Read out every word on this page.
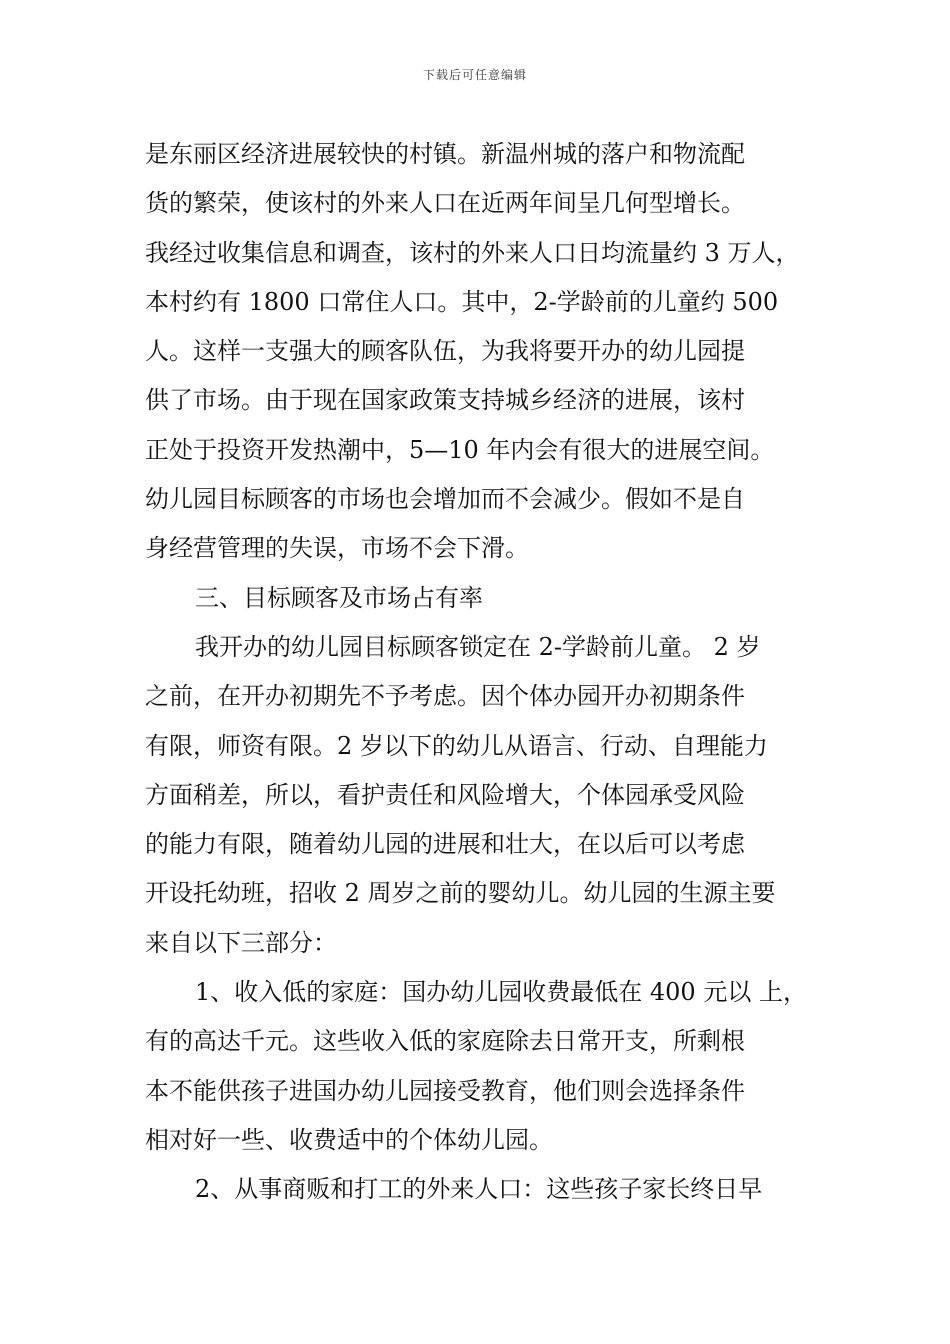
下载后可任意编辑
是东丽区经济进展较快的村镇。新温州城的落户和物流配
货的繁荣，使该村的外来人口在近两年间呈几何型增长。
我经过收集信息和调查，该村的外来人口日均流量约 3 万人，
本村约有 1800 口常住人口。其中，2-学龄前的儿童约 500
人。这样一支强大的顾客队伍，为我将要开办的幼儿园提
供了市场。由于现在国家政策支持城乡经济的进展，该村
正处于投资开发热潮中，5—10 年内会有很大的进展空间。
幼儿园目标顾客的市场也会增加而不会减少。假如不是自
身经营管理的失误，市场不会下滑。
三、目标顾客及市场占有率
我开办的幼儿园目标顾客锁定在 2-学龄前儿童。 2 岁
之前，在开办初期先不予考虑。因个体办园开办初期条件
有限，师资有限。2 岁以下的幼儿从语言、行动、自理能力
方面稍差，所以，看护责任和风险增大，个体园承受风险
的能力有限，随着幼儿园的进展和壮大，在以后可以考虑
开设托幼班，招收 2 周岁之前的婴幼儿。幼儿园的生源主要
来自以下三部分：
1、收入低的家庭：国办幼儿园收费最低在 400 元以 上，
有的高达千元。这些收入低的家庭除去日常开支，所剩根
本不能供孩子进国办幼儿园接受教育，他们则会选择条件
相对好一些、收费适中的个体幼儿园。
2、从事商贩和打工的外来人口：这些孩子家长终日早
